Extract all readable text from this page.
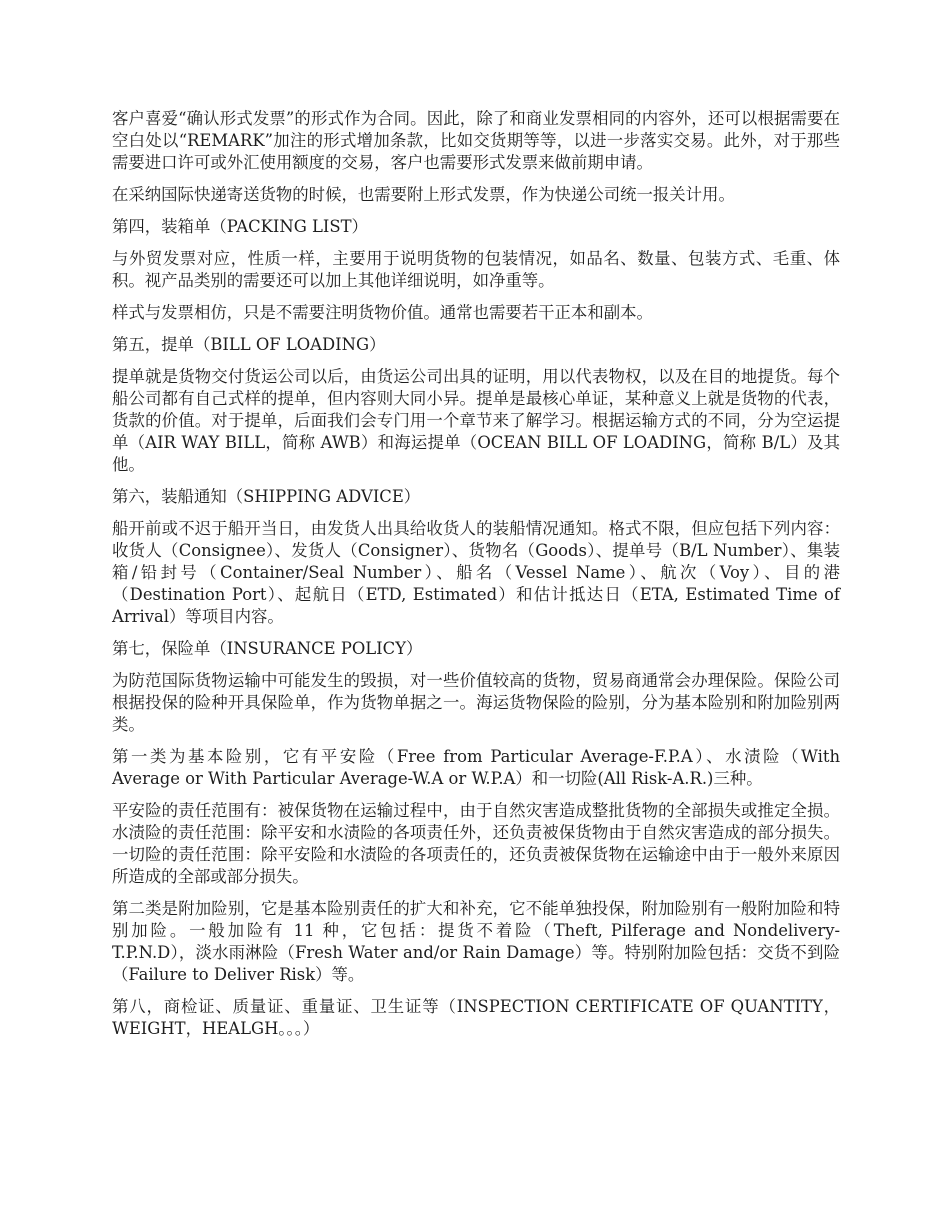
客户喜爱“确认形式发票”的形式作为合同。因此，除了和商业发票相同的内容外，还可以根据需要在空白处以“REMARK”加注的形式增加条款，比如交货期等等，以进一步落实交易。此外，对于那些需要进口许可或外汇使用额度的交易，客户也需要形式发票来做前期申请。

在采纳国际快递寄送货物的时候，也需要附上形式发票，作为快递公司统一报关计用。

第四，装箱单（PACKING LIST）

与外贸发票对应，性质一样，主要用于说明货物的包装情况，如品名、数量、包装方式、毛重、体积。视产品类别的需要还可以加上其他详细说明，如净重等。

样式与发票相仿，只是不需要注明货物价值。通常也需要若干正本和副本。

第五，提单（BILL OF LOADING）

提单就是货物交付货运公司以后，由货运公司出具的证明，用以代表物权，以及在目的地提货。每个船公司都有自己式样的提单，但内容则大同小异。提单是最核心单证，某种意义上就是货物的代表，货款的价值。对于提单，后面我们会专门用一个章节来了解学习。根据运输方式的不同，分为空运提单（AIR WAY BILL，简称 AWB）和海运提单（OCEAN BILL OF LOADING，简称 B/L）及其他。

第六，装船通知（SHIPPING ADVICE）

船开前或不迟于船开当日，由发货人出具给收货人的装船情况通知。格式不限，但应包括下列内容：收货人（Consignee）、发货人（Consigner）、货物名（Goods）、提单号（B/L Number）、集装箱/铅封号（Container/Seal Number）、船名（Vessel Name）、航次（Voy）、目的港（Destination Port）、起航日（ETD, Estimated）和估计抵达日（ETA, Estimated Time of Arrival）等项目内容。

第七，保险单（INSURANCE POLICY）

为防范国际货物运输中可能发生的毁损，对一些价值较高的货物，贸易商通常会办理保险。保险公司根据投保的险种开具保险单，作为货物单据之一。海运货物保险的险别，分为基本险别和附加险别两类。

第一类为基本险别，它有平安险（Free from Particular Average-F.P.A）、水渍险（With Average or With Particular Average-W.A or W.P.A）和一切险(All Risk-A.R.)三种。

平安险的责任范围有：被保货物在运输过程中，由于自然灾害造成整批货物的全部损失或推定全损。水渍险的责任范围：除平安和水渍险的各项责任外，还负责被保货物由于自然灾害造成的部分损失。一切险的责任范围：除平安险和水渍险的各项责任的，还负责被保货物在运输途中由于一般外来原因所造成的全部或部分损失。

第二类是附加险别，它是基本险别责任的扩大和补充，它不能单独投保，附加险别有一般附加险和特别加险。一般加险有 11 种，它包括：提货不着险（Theft, Pilferage and Nondelivery-T.P.N.D），淡水雨淋险（Fresh Water and/or Rain Damage）等。特别附加险包括：交货不到险（Failure to Deliver Risk）等。

第八，商检证、质量证、重量证、卫生证等（INSPECTION CERTIFICATE OF QUANTITY，WEIGHT，HEALGH。。。）
